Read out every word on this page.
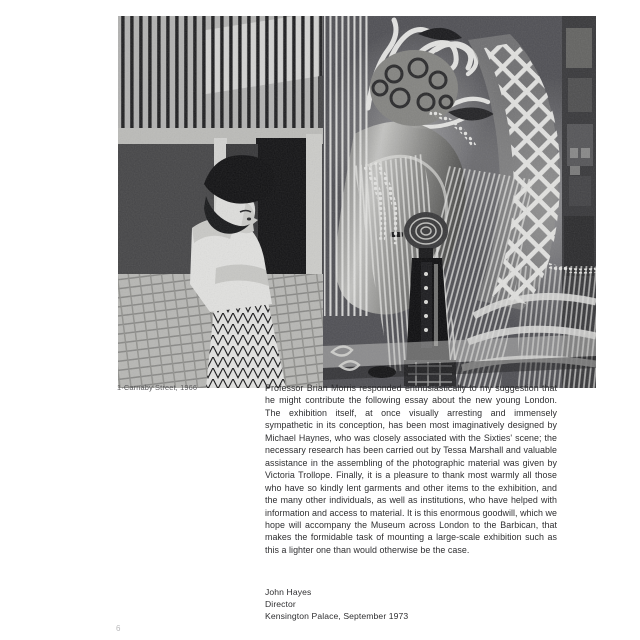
1·Carnaby Street, 1966	Professor Brian Morris responded enthusiastically to my suggestion that he might contribute the following essay about the new young London. The exhibition itself, at once visually arresting and immensely sympathetic in its conception, has been most imaginatively designed by Michael Haynes, who was closely associated with the Sixties' scene; the necessary research has been carried out by Tessa Marshall and valuable assistance in the assembling of the photographic material was given by Victoria Trollope. Finally, it is a pleasure to thank most warmly all those who have so kindly lent garments and other items to the exhibition, and the many other individuals, as well as institutions, who have helped with information and access to material. It is this enormous goodwill, which we hope will accompany the Museum across London to the Barbican, that makes the formidable task of mounting a large-scale exhibition such as this a lighter one than would otherwise be the case.

John Hayes
Director
Kensington Palace, September 1973
6
